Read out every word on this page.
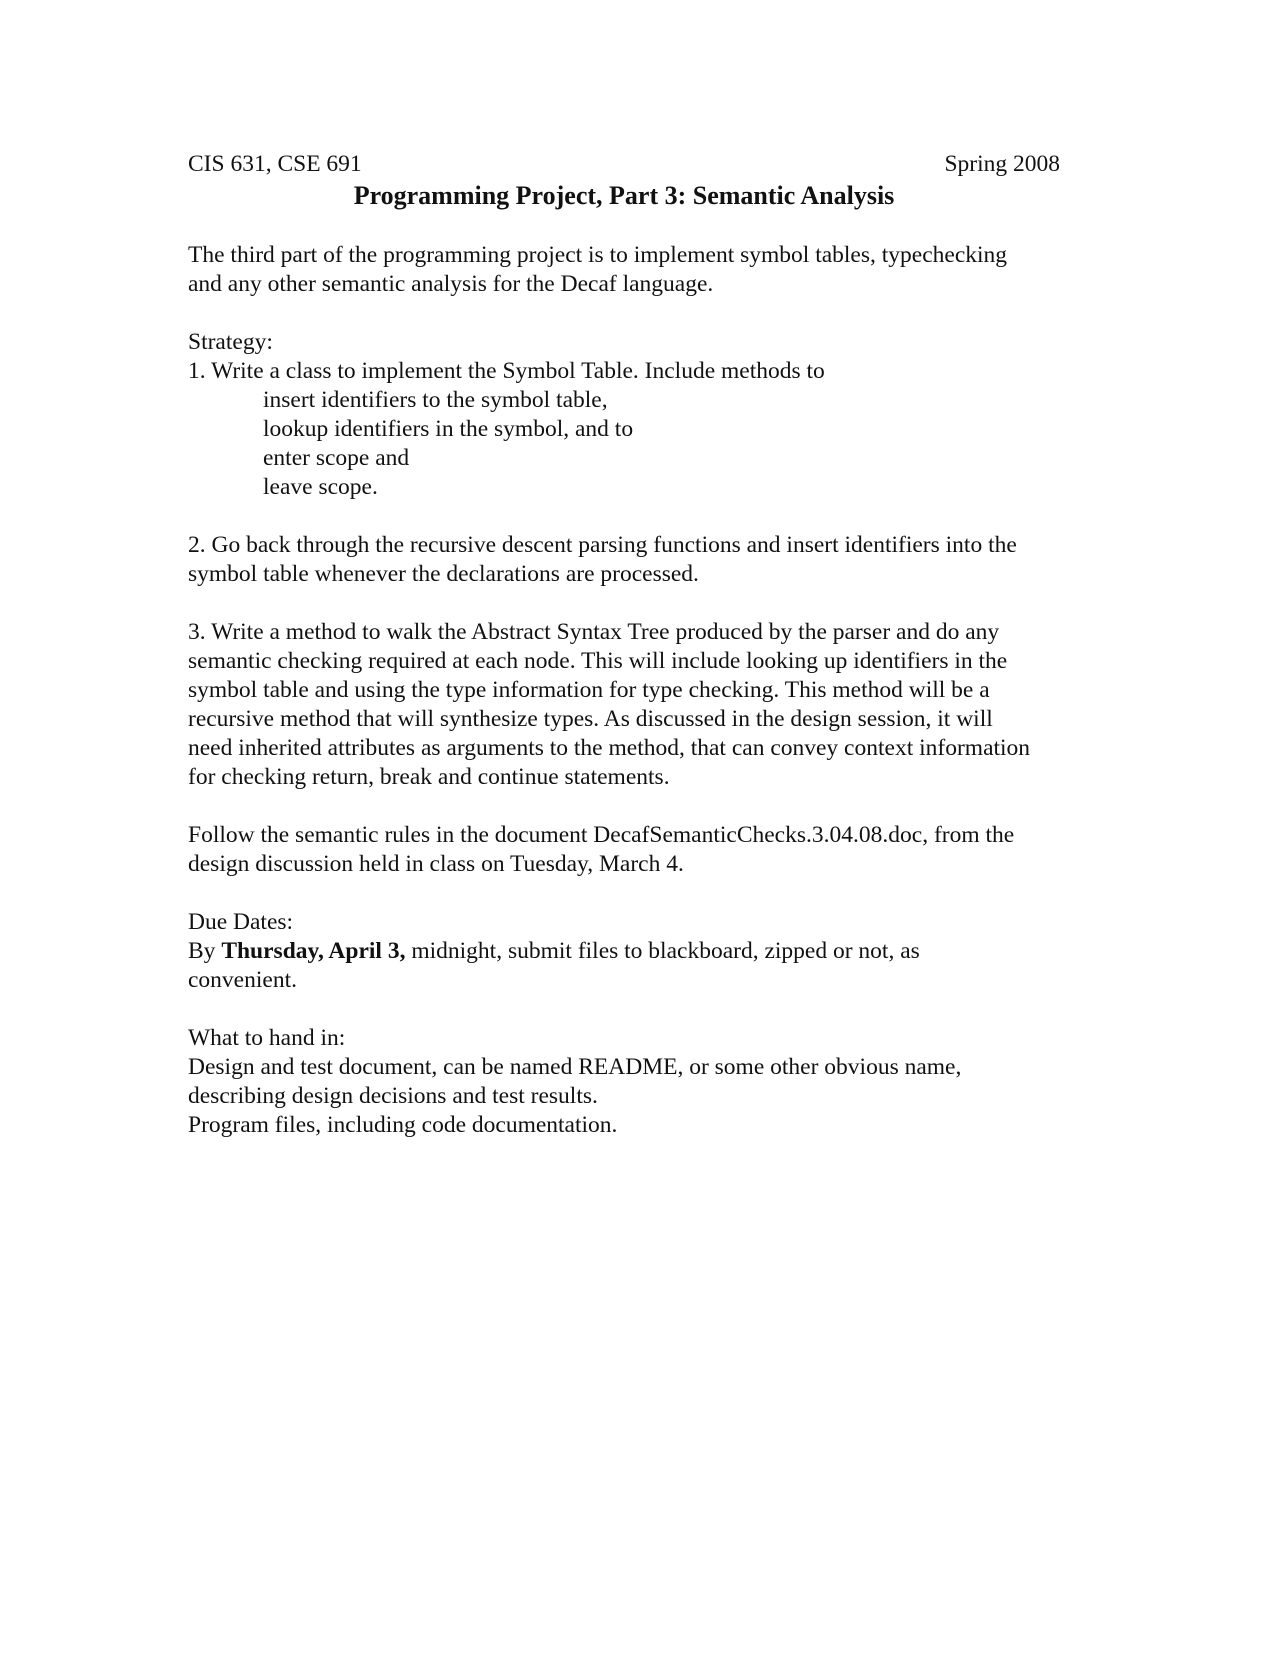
CIS 631, CSE 691	Spring 2008
Programming Project, Part 3: Semantic Analysis
The third part of the programming project is to implement symbol tables, typechecking
and any other semantic analysis for the Decaf language.
Strategy:
1. Write a class to implement the Symbol Table. Include methods to
insert identifiers to the symbol table,
lookup identifiers in the symbol, and to
enter scope and
leave scope.
2. Go back through the recursive descent parsing functions and insert identifiers into the
symbol table whenever the declarations are processed.
3. Write a method to walk the Abstract Syntax Tree produced by the parser and do any
semantic checking required at each node. This will include looking up identifiers in the
symbol table and using the type information for type checking. This method will be a
recursive method that will synthesize types. As discussed in the design session, it will
need inherited attributes as arguments to the method, that can convey context information
for checking return, break and continue statements.
Follow the semantic rules in the document DecafSemanticChecks.3.04.08.doc, from the
design discussion held in class on Tuesday, March 4.
Due Dates:
By Thursday, April 3, midnight, submit files to blackboard, zipped or not, as
convenient.
What to hand in:
Design and test document, can be named README, or some other obvious name,
describing design decisions and test results.
Program files, including code documentation.
